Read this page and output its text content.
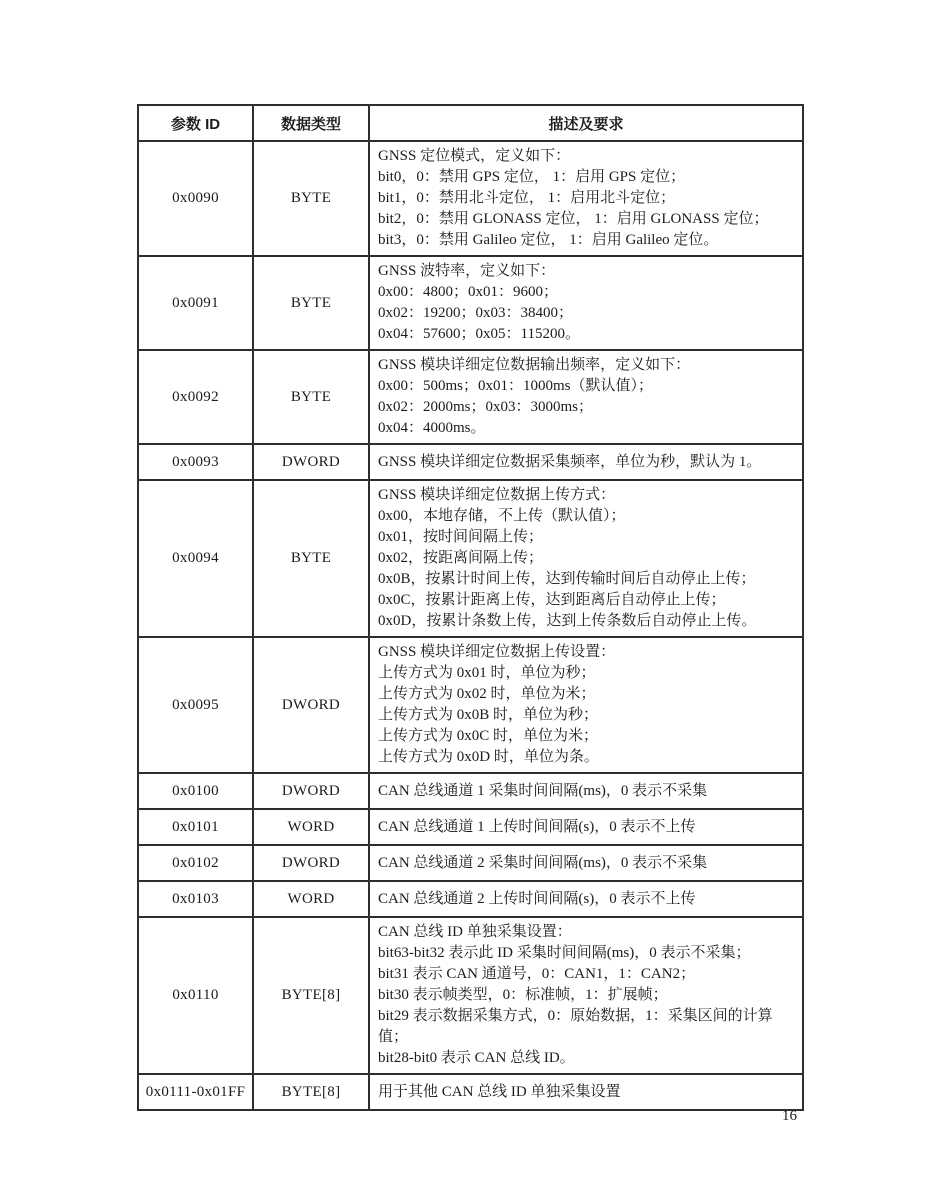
参数 ID	数据类型	描述及要求
0x0090	BYTE	GNSS 定位模式，定义如下：
bit0，0：禁用 GPS 定位， 1：启用 GPS 定位；
bit1，0：禁用北斗定位， 1：启用北斗定位；
bit2，0：禁用 GLONASS 定位， 1：启用 GLONASS 定位；
bit3，0：禁用 Galileo 定位， 1：启用 Galileo 定位。

0x0091	BYTE	GNSS 波特率，定义如下：
0x00：4800；0x01：9600；
0x02：19200；0x03：38400；
0x04：57600；0x05：115200。

0x0092	BYTE	GNSS 模块详细定位数据输出频率，定义如下：
0x00：500ms；0x01：1000ms（默认值）；
0x02：2000ms；0x03：3000ms；
0x04：4000ms。

0x0093	DWORD	GNSS 模块详细定位数据采集频率，单位为秒，默认为 1。

0x0094	BYTE	
GNSS 模块详细定位数据上传方式：
0x00，本地存储，不上传（默认值）；
0x01，按时间间隔上传；
0x02，按距离间隔上传；
0x0B，按累计时间上传，达到传输时间后自动停止上传；
0x0C，按累计距离上传，达到距离后自动停止上传；
0x0D，按累计条数上传，达到上传条数后自动停止上传。

0x0095	DWORD	
GNSS 模块详细定位数据上传设置：
上传方式为 0x01 时，单位为秒；
上传方式为 0x02 时，单位为米；
上传方式为 0x0B 时，单位为秒；
上传方式为 0x0C 时，单位为米；
上传方式为 0x0D 时，单位为条。

0x0100	DWORD	CAN 总线通道 1 采集时间间隔(ms)，0 表示不采集

0x0101	WORD	CAN 总线通道 1 上传时间间隔(s)，0 表示不上传

0x0102	DWORD	CAN 总线通道 2 采集时间间隔(ms)，0 表示不采集

0x0103	WORD	CAN 总线通道 2 上传时间间隔(s)，0 表示不上传

0x0110	BYTE[8]	
CAN 总线 ID 单独采集设置：
bit63-bit32 表示此 ID 采集时间间隔(ms)，0 表示不采集；
bit31 表示 CAN 通道号，0：CAN1，1：CAN2；
bit30 表示帧类型，0：标准帧，1：扩展帧；
bit29 表示数据采集方式，0：原始数据，1：采集区间的计算值；
bit28-bit0 表示 CAN 总线 ID。

0x0111-0x01FF	BYTE[8]	用于其他 CAN 总线 ID 单独采集设置
16
